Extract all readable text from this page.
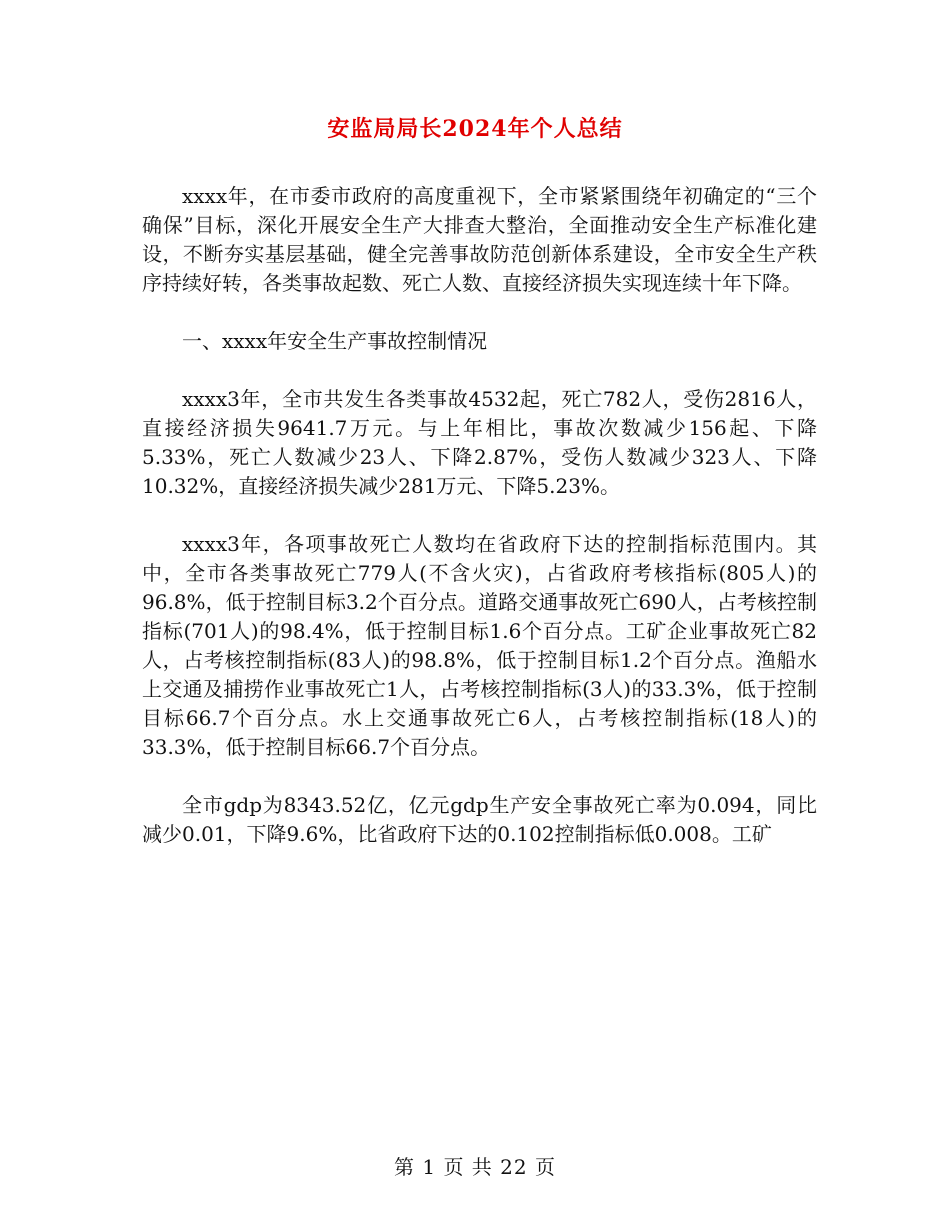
安监局局长2024年个人总结

xxxx年，在市委市政府的高度重视下，全市紧紧围绕年初确定的“三个确保”目标，深化开展安全生产大排查大整治，全面推动安全生产标准化建设，不断夯实基层基础，健全完善事故防范创新体系建设，全市安全生产秩序持续好转，各类事故起数、死亡人数、直接经济损失实现连续十年下降。

一、xxxx年安全生产事故控制情况

xxxx3年，全市共发生各类事故4532起，死亡782人，受伤2816人，直接经济损失9641.7万元。与上年相比，事故次数减少156起、下降5.33%，死亡人数减少23人、下降2.87%，受伤人数减少323人、下降10.32%，直接经济损失减少281万元、下降5.23%。

xxxx3年，各项事故死亡人数均在省政府下达的控制指标范围内。其中，全市各类事故死亡779人(不含火灾)，占省政府考核指标(805人)的96.8%，低于控制目标3.2个百分点。道路交通事故死亡690人，占考核控制指标(701人)的98.4%，低于控制目标1.6个百分点。工矿企业事故死亡82人，占考核控制指标(83人)的98.8%，低于控制目标1.2个百分点。渔船水上交通及捕捞作业事故死亡1人，占考核控制指标(3人)的33.3%，低于控制目标66.7个百分点。水上交通事故死亡6人，占考核控制指标(18人)的33.3%，低于控制目标66.7个百分点。

全市gdp为8343.52亿，亿元gdp生产安全事故死亡率为0.094，同比减少0.01，下降9.6%，比省政府下达的0.102控制指标低0.008。工矿

第 1 页 共 22 页
